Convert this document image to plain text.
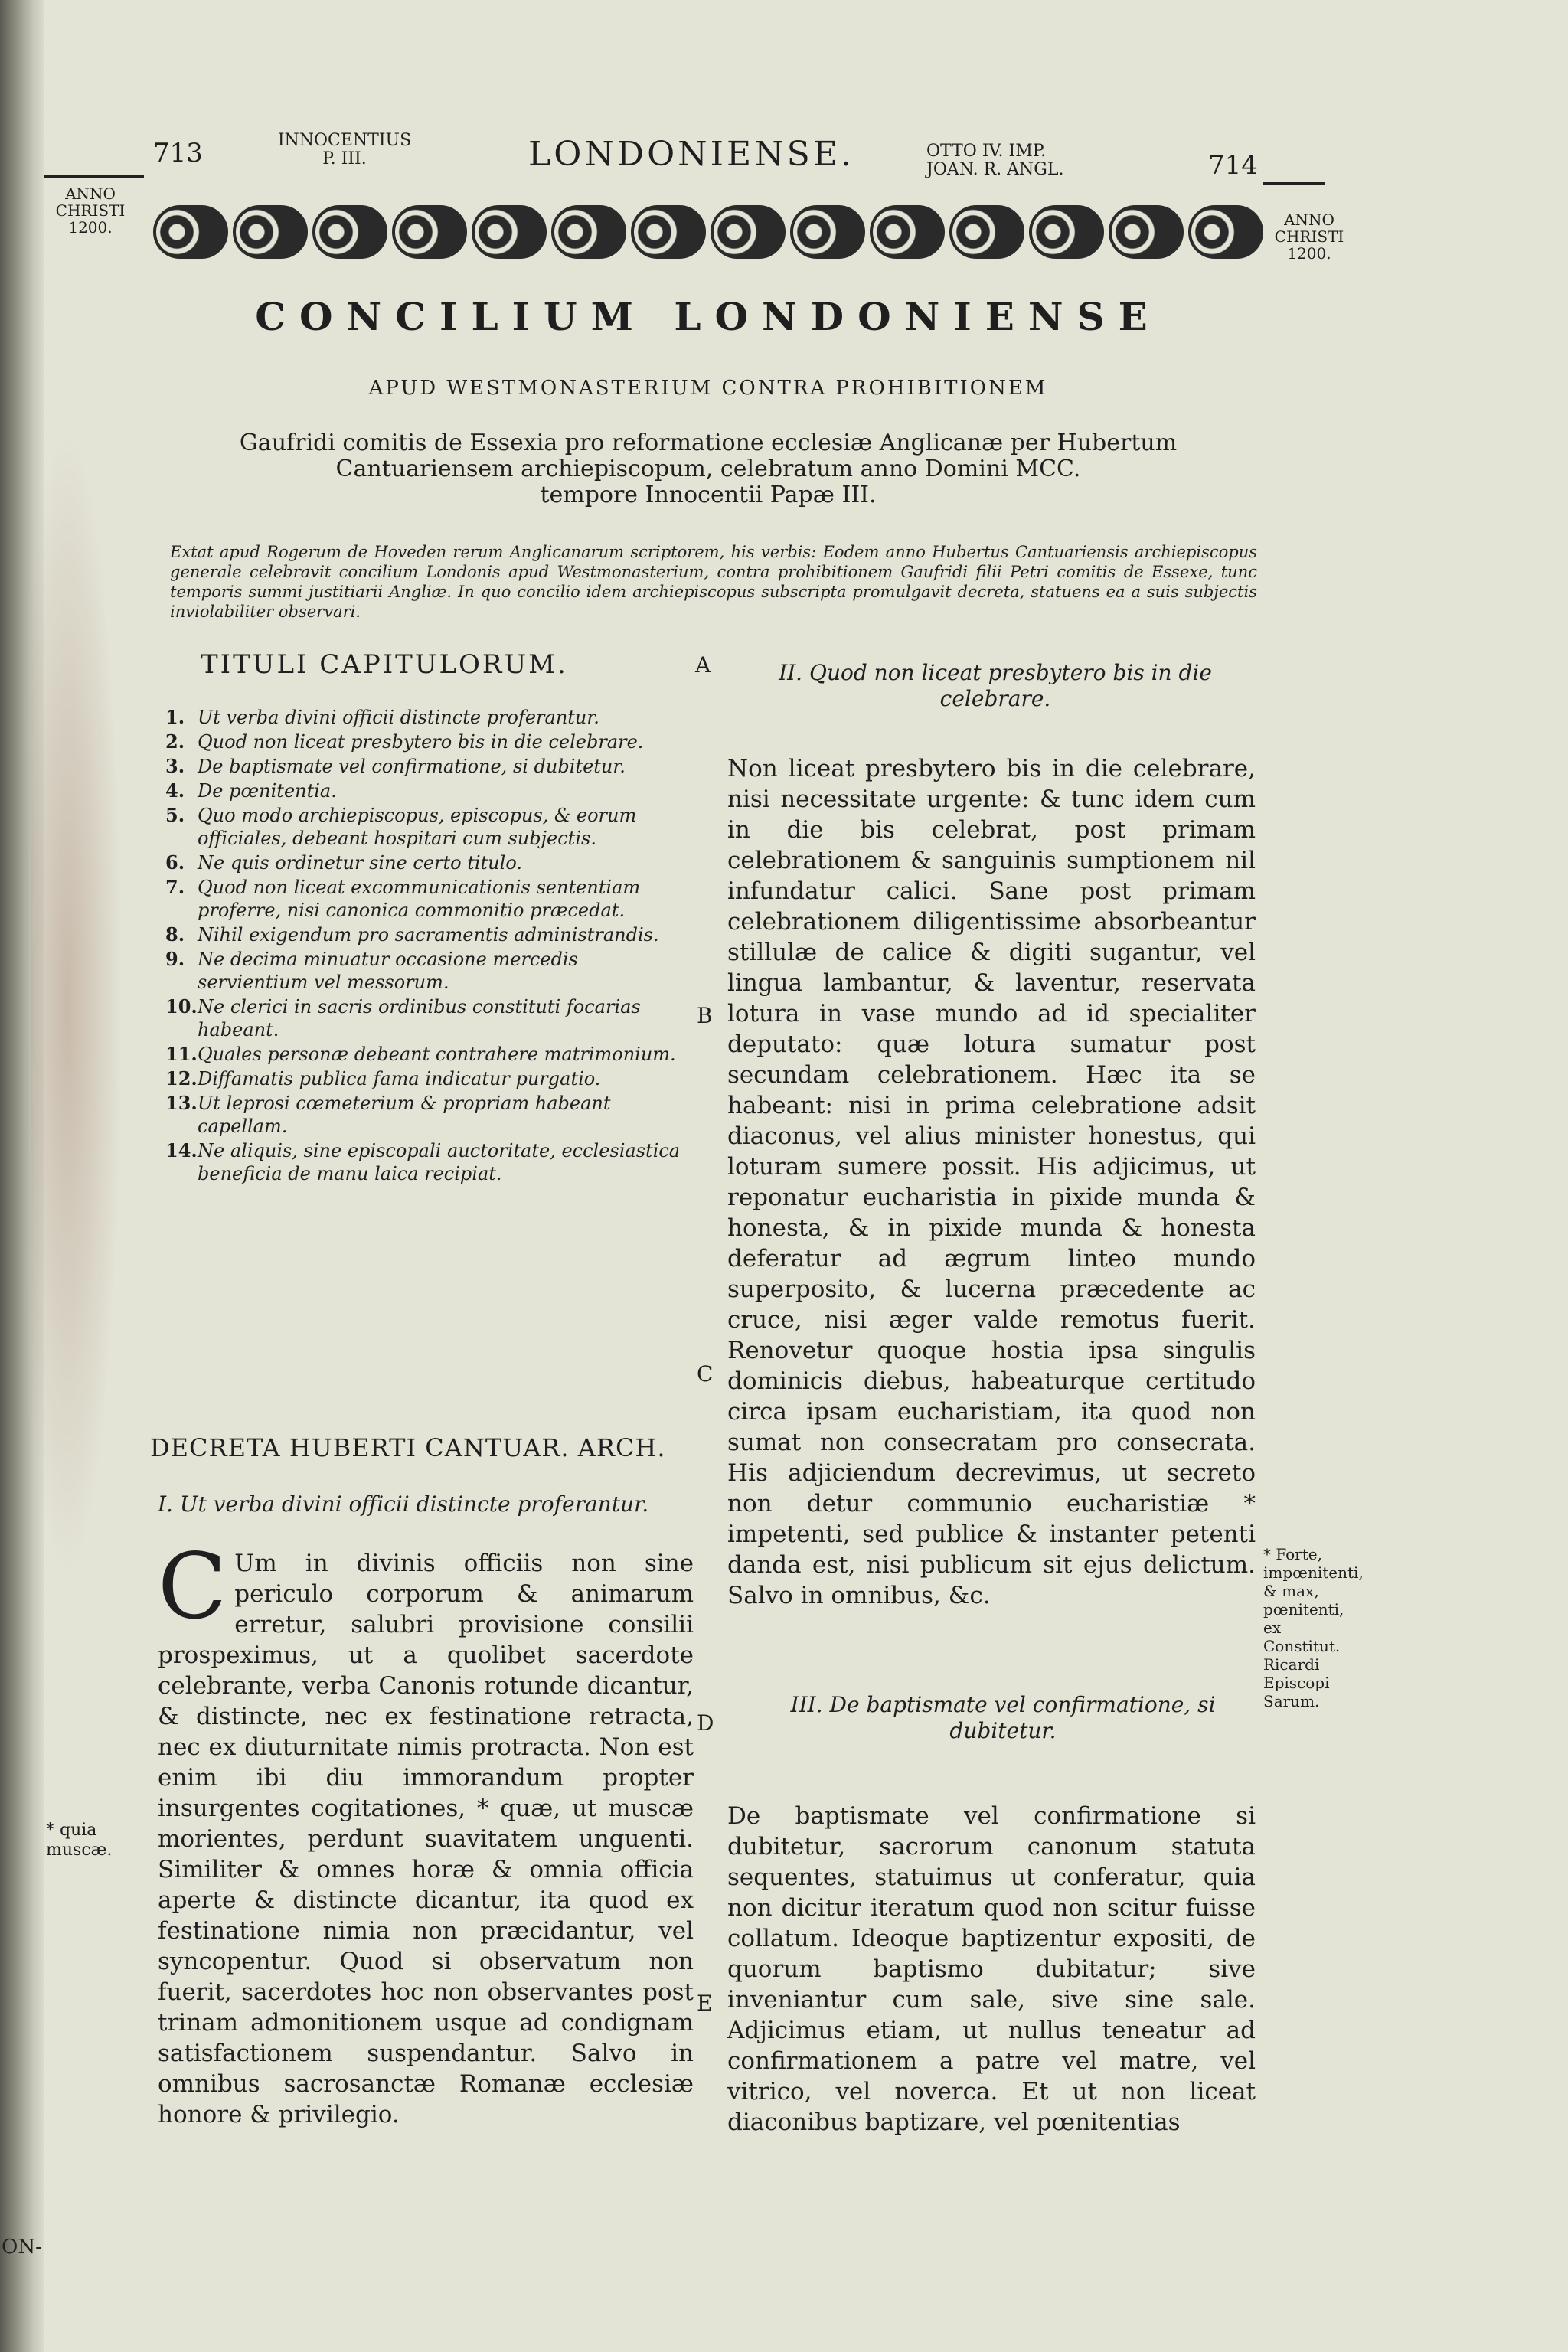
ON-
713	INNOCENTIUS
P. III.	LONDONIENSE.	OTTO IV. IMP.
JOAN. R. ANGL.	714
ANNO
CHRISTI
1200.	ANNO
CHRISTI
1200.
CONCILIUM LONDONIENSE
APUD WESTMONASTERIUM CONTRA PROHIBITIONEM
Gaufridi comitis de Essexia pro reformatione ecclesiæ Anglicanæ per Hubertum
Cantuariensem archiepiscopum, celebratum anno Domini MCC.
tempore Innocentii Papæ III.
Extat apud Rogerum de Hoveden rerum Anglicanarum scriptorem, his verbis: Eodem anno Hubertus Cantuariensis archiepiscopus generale celebravit concilium Londonis apud Westmonasterium, contra prohibitionem Gaufridi filii Petri comitis de Essexe, tunc temporis summi justitiarii Angliæ. In quo concilio idem archiepiscopus subscripta promulgavit decreta, statuens ea a suis subjectis inviolabiliter observari.
TITULI CAPITULORUM.	A
1. Ut verba divini officii distincte proferantur.
2. Quod non liceat presbytero bis in die celebrare.
3. De baptismate vel confirmatione, si dubitetur.
4. De pœnitentia.
5. Quo modo archiepiscopus, episcopus, & eorum officiales, debeant hospitari cum subjectis.
6. Ne quis ordinetur sine certo titulo.
7. Quod non liceat excommunicationis sententiam proferre, nisi canonica commonitio præcedat.
8. Nihil exigendum pro sacramentis administrandis.
9. Ne decima minuatur occasione mercedis servientium vel messorum.
10. Ne clerici in sacris ordinibus constituti focarias habeant.
11. Quales personæ debeant contrahere matrimonium.
12. Diffamatis publica fama indicatur purgatio.
13. Ut leprosi cœmeterium & propriam habeant capellam.
14. Ne aliquis, sine episcopali auctoritate, ecclesiastica beneficia de manu laica recipiat.
B
C
D
E
DECRETA HUBERTI CANTUAR. ARCH.
I. Ut verba divini officii distincte proferantur.
C Um in divinis officiis non sine periculo corporum & animarum erretur, salubri provisione consilii prospeximus, ut a quolibet sacerdote celebrante, verba Canonis rotunde dicantur, & distincte, nec ex festinatione retracta, nec ex diuturnitate nimis protracta. Non est enim ibi diu immorandum propter insurgentes cogitationes, * quæ, ut muscæ morientes, perdunt suavitatem unguenti. Similiter & omnes horæ & omnia officia aperte & distincte dicantur, ita quod ex festinatione nimia non præcidantur, vel syncopentur. Quod si observatum non fuerit, sacerdotes hoc non observantes post trinam admonitionem usque ad condignam satisfactionem suspendantur. Salvo in omnibus sacrosanctæ Romanæ ecclesiæ honore & privilegio.
* quia muscæ.
II. Quod non liceat presbytero bis in die celebrare.
Non liceat presbytero bis in die celebrare, nisi necessitate urgente: & tunc idem cum in die bis celebrat, post primam celebrationem & sanguinis sumptionem nil infundatur calici. Sane post primam celebrationem diligentissime absorbeantur stillulæ de calice & digiti sugantur, vel lingua lambantur, & laventur, reservata lotura in vase mundo ad id specialiter deputato: quæ lotura sumatur post secundam celebrationem. Hæc ita se habeant: nisi in prima celebratione adsit diaconus, vel alius minister honestus, qui loturam sumere possit. His adjicimus, ut reponatur eucharistia in pixide munda & honesta, & in pixide munda & honesta deferatur ad ægrum linteo mundo superposito, & lucerna præcedente ac cruce, nisi æger valde remotus fuerit. Renovetur quoque hostia ipsa singulis dominicis diebus, habeaturque certitudo circa ipsam eucharistiam, ita quod non sumat non consecratam pro consecrata. His adjiciendum decrevimus, ut secreto non detur communio eucharistiæ * impetenti, sed publice & instanter petenti danda est, nisi publicum sit ejus delictum. Salvo in omnibus, &c.
* Forte, impœnitenti, & max, pœnitenti, ex Constitut. Ricardi Episcopi Sarum.
III. De baptismate vel confirmatione, si dubitetur.
De baptismate vel confirmatione si dubitetur, sacrorum canonum statuta sequentes, statuimus ut conferatur, quia non dicitur iteratum quod non scitur fuisse collatum. Ideoque baptizentur expositi, de quorum baptismo dubitatur; sive inveniantur cum sale, sive sine sale. Adjicimus etiam, ut nullus teneatur ad confirmationem a patre vel matre, vel vitrico, vel noverca. Et ut non liceat diaconibus baptizare, vel pœnitentias
